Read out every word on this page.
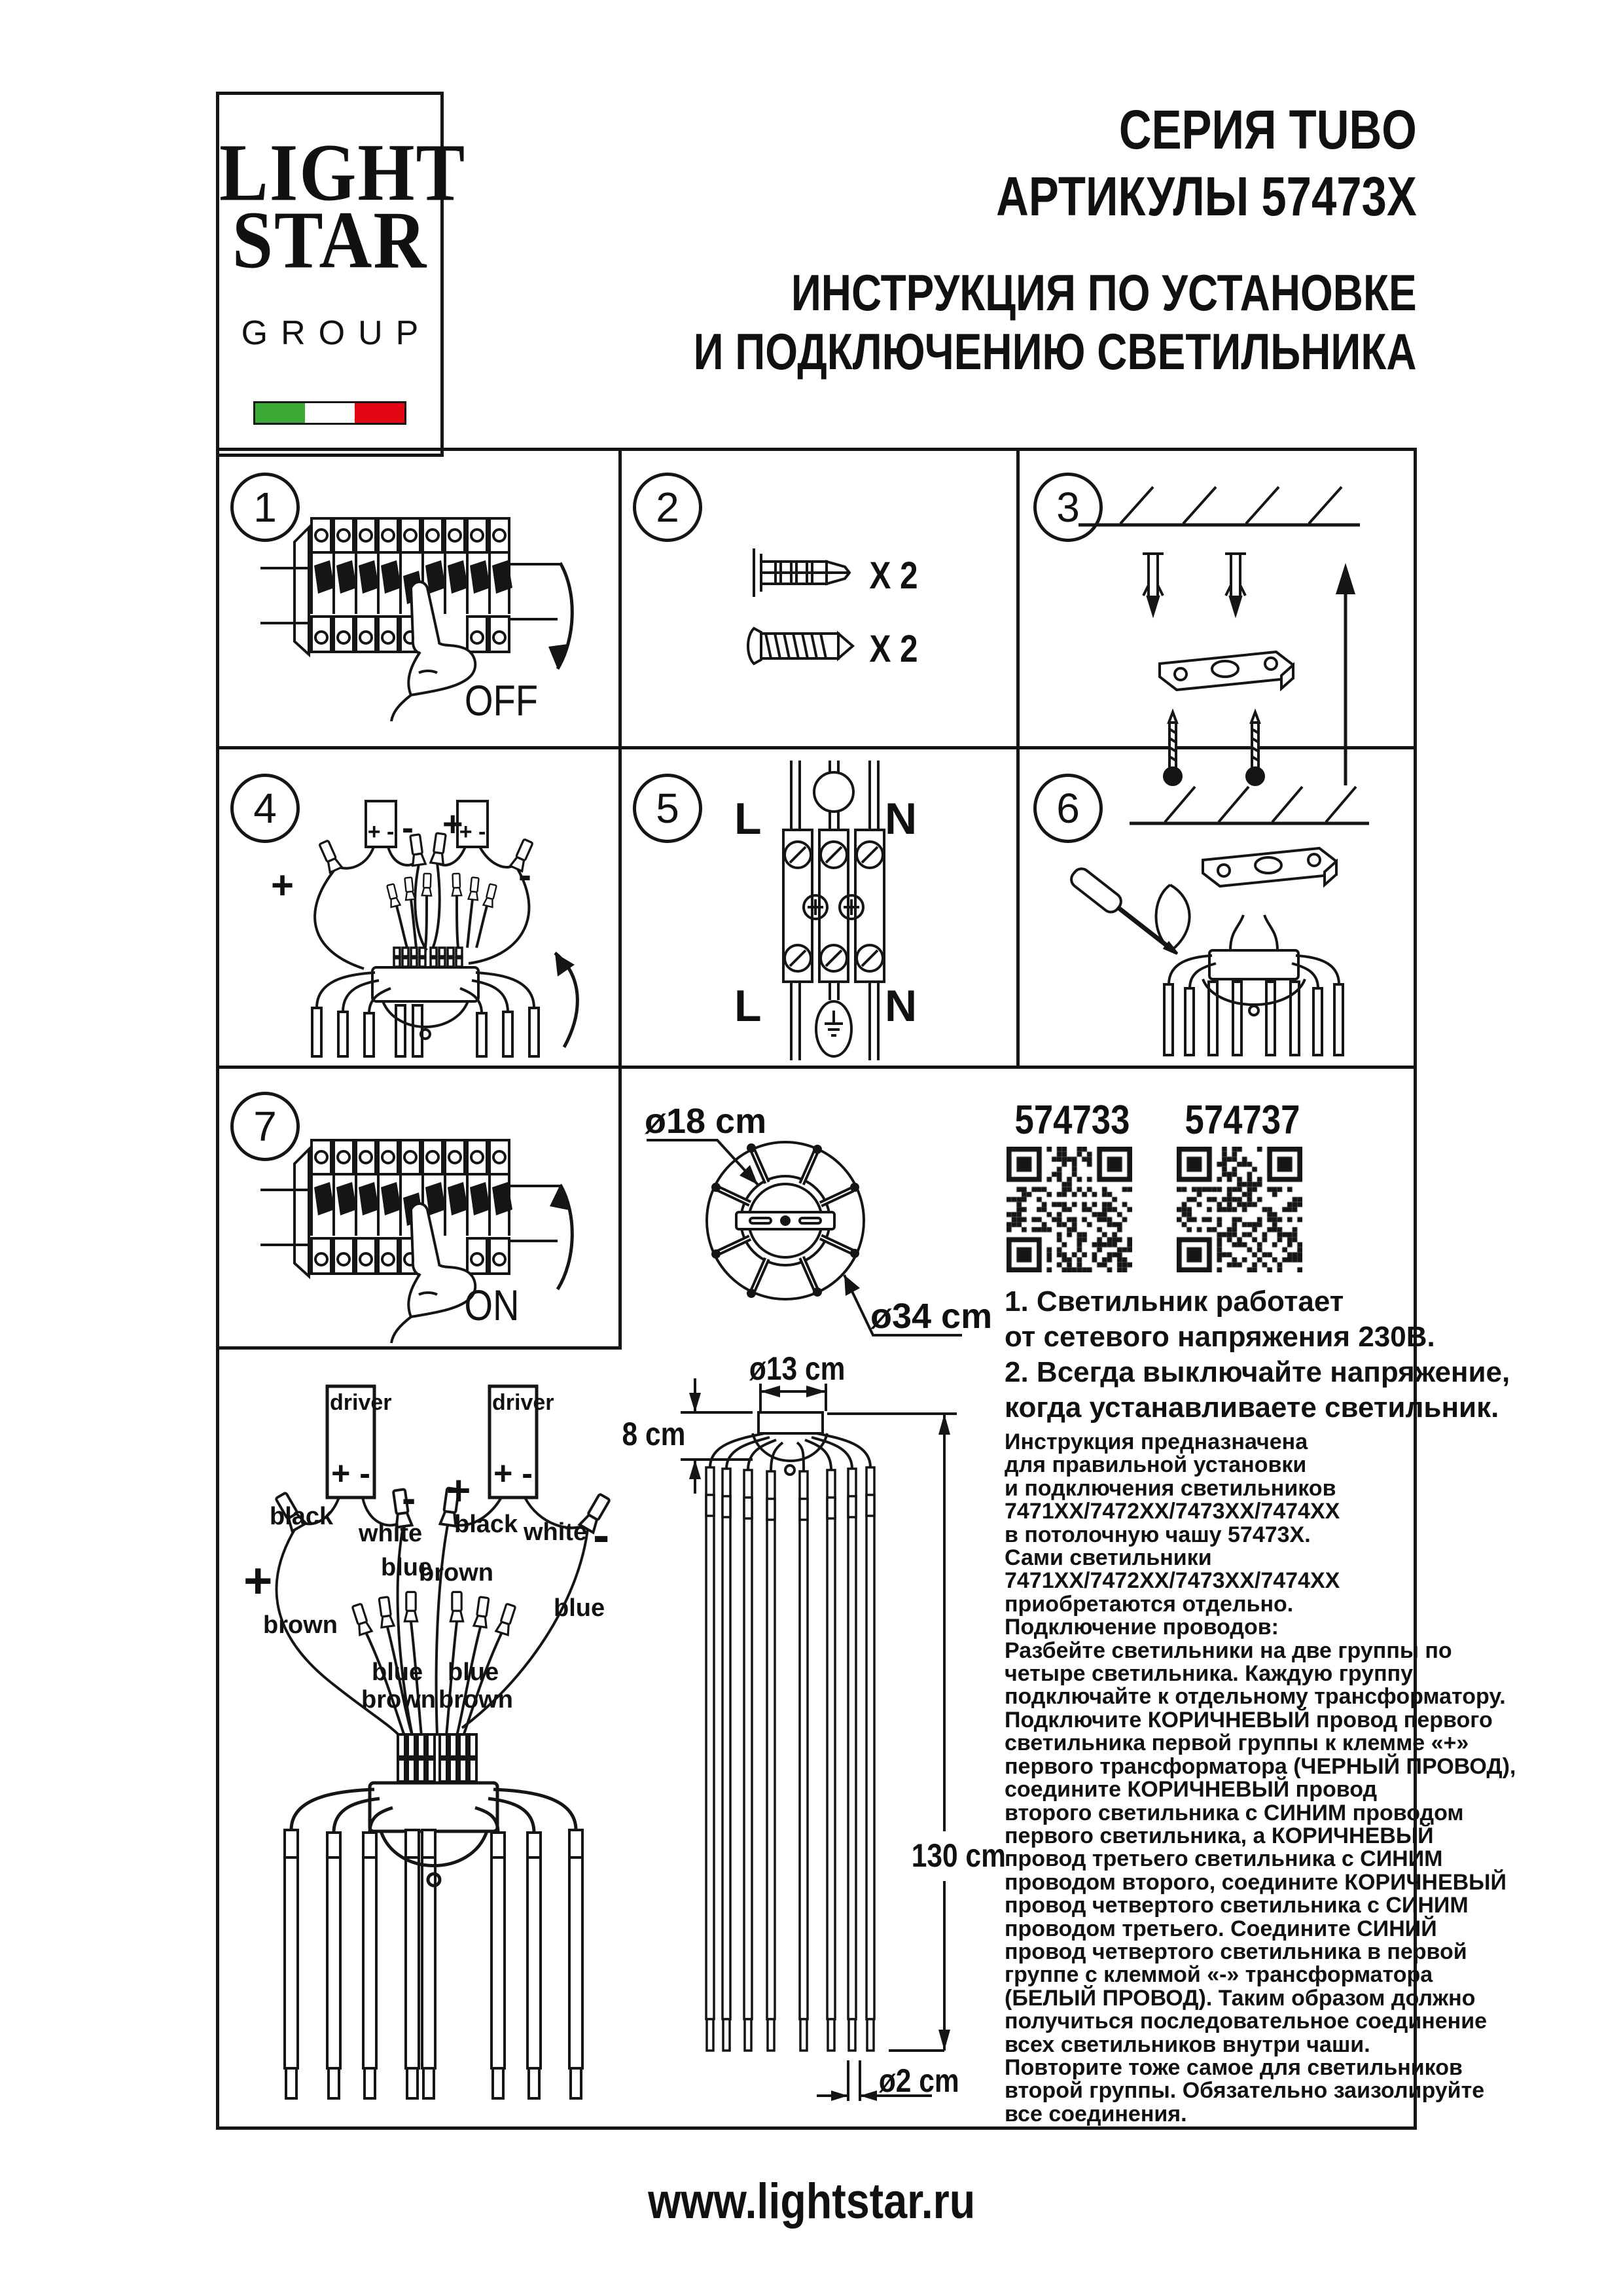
LIGHT
STAR
GROUP
СЕРИЯ TUBO
АРТИКУЛЫ 57473X
ИНСТРУКЦИЯ ПО УСТАНОВКЕ
И ПОДКЛЮЧЕНИЮ СВЕТИЛЬНИКА
1	2	3
4	5	6
7
OFF
ON
X 2
X 2
+ -	+ -
- +
+	-
L	N
L	N
ø18 cm
ø34 cm
574733 574737
1. Светильник работает
от сетевого напряжения 230В.
2. Всегда выключайте напряжение,
когда устанавливаете светильник.
driver
+ -
driver
+ -
black
white
- +
blue
brown
black white
+
brown
-
blue
blue
brown
blue
brown
ø13 cm
8 cm
130 cm
ø2 cm
Инструкция предназначена
для правильной установки
и подключения светильников
7471XX/7472XX/7473XX/7474XX
в потолочную чашу 57473X.
Сами светильники
7471XX/7472XX/7473XX/7474XX
приобретаются отдельно.
Подключение проводов:
Разбейте светильники на две группы по
четыре светильника. Каждую группу
подключайте к отдельному трансформатору.
Подключите КОРИЧНЕВЫЙ провод первого
светильника первой группы к клемме «+»
первого трансформатора (ЧЕРНЫЙ ПРОВОД),
соедините КОРИЧНЕВЫЙ провод
второго светильника с СИНИМ проводом
первого светильника, а КОРИЧНЕВЫЙ
провод третьего светильника с СИНИМ
проводом второго, соедините КОРИЧНЕВЫЙ
провод четвертого светильника с СИНИМ
проводом третьего. Соедините СИНИЙ
провод четвертого светильника в первой
группе с клеммой «-» трансформатора
(БЕЛЫЙ ПРОВОД). Таким образом должно
получиться последовательное соединение
всех светильников внутри чаши.
Повторите тоже самое для светильников
второй группы. Обязательно заизолируйте
все соединения.
www.lightstar.ru
